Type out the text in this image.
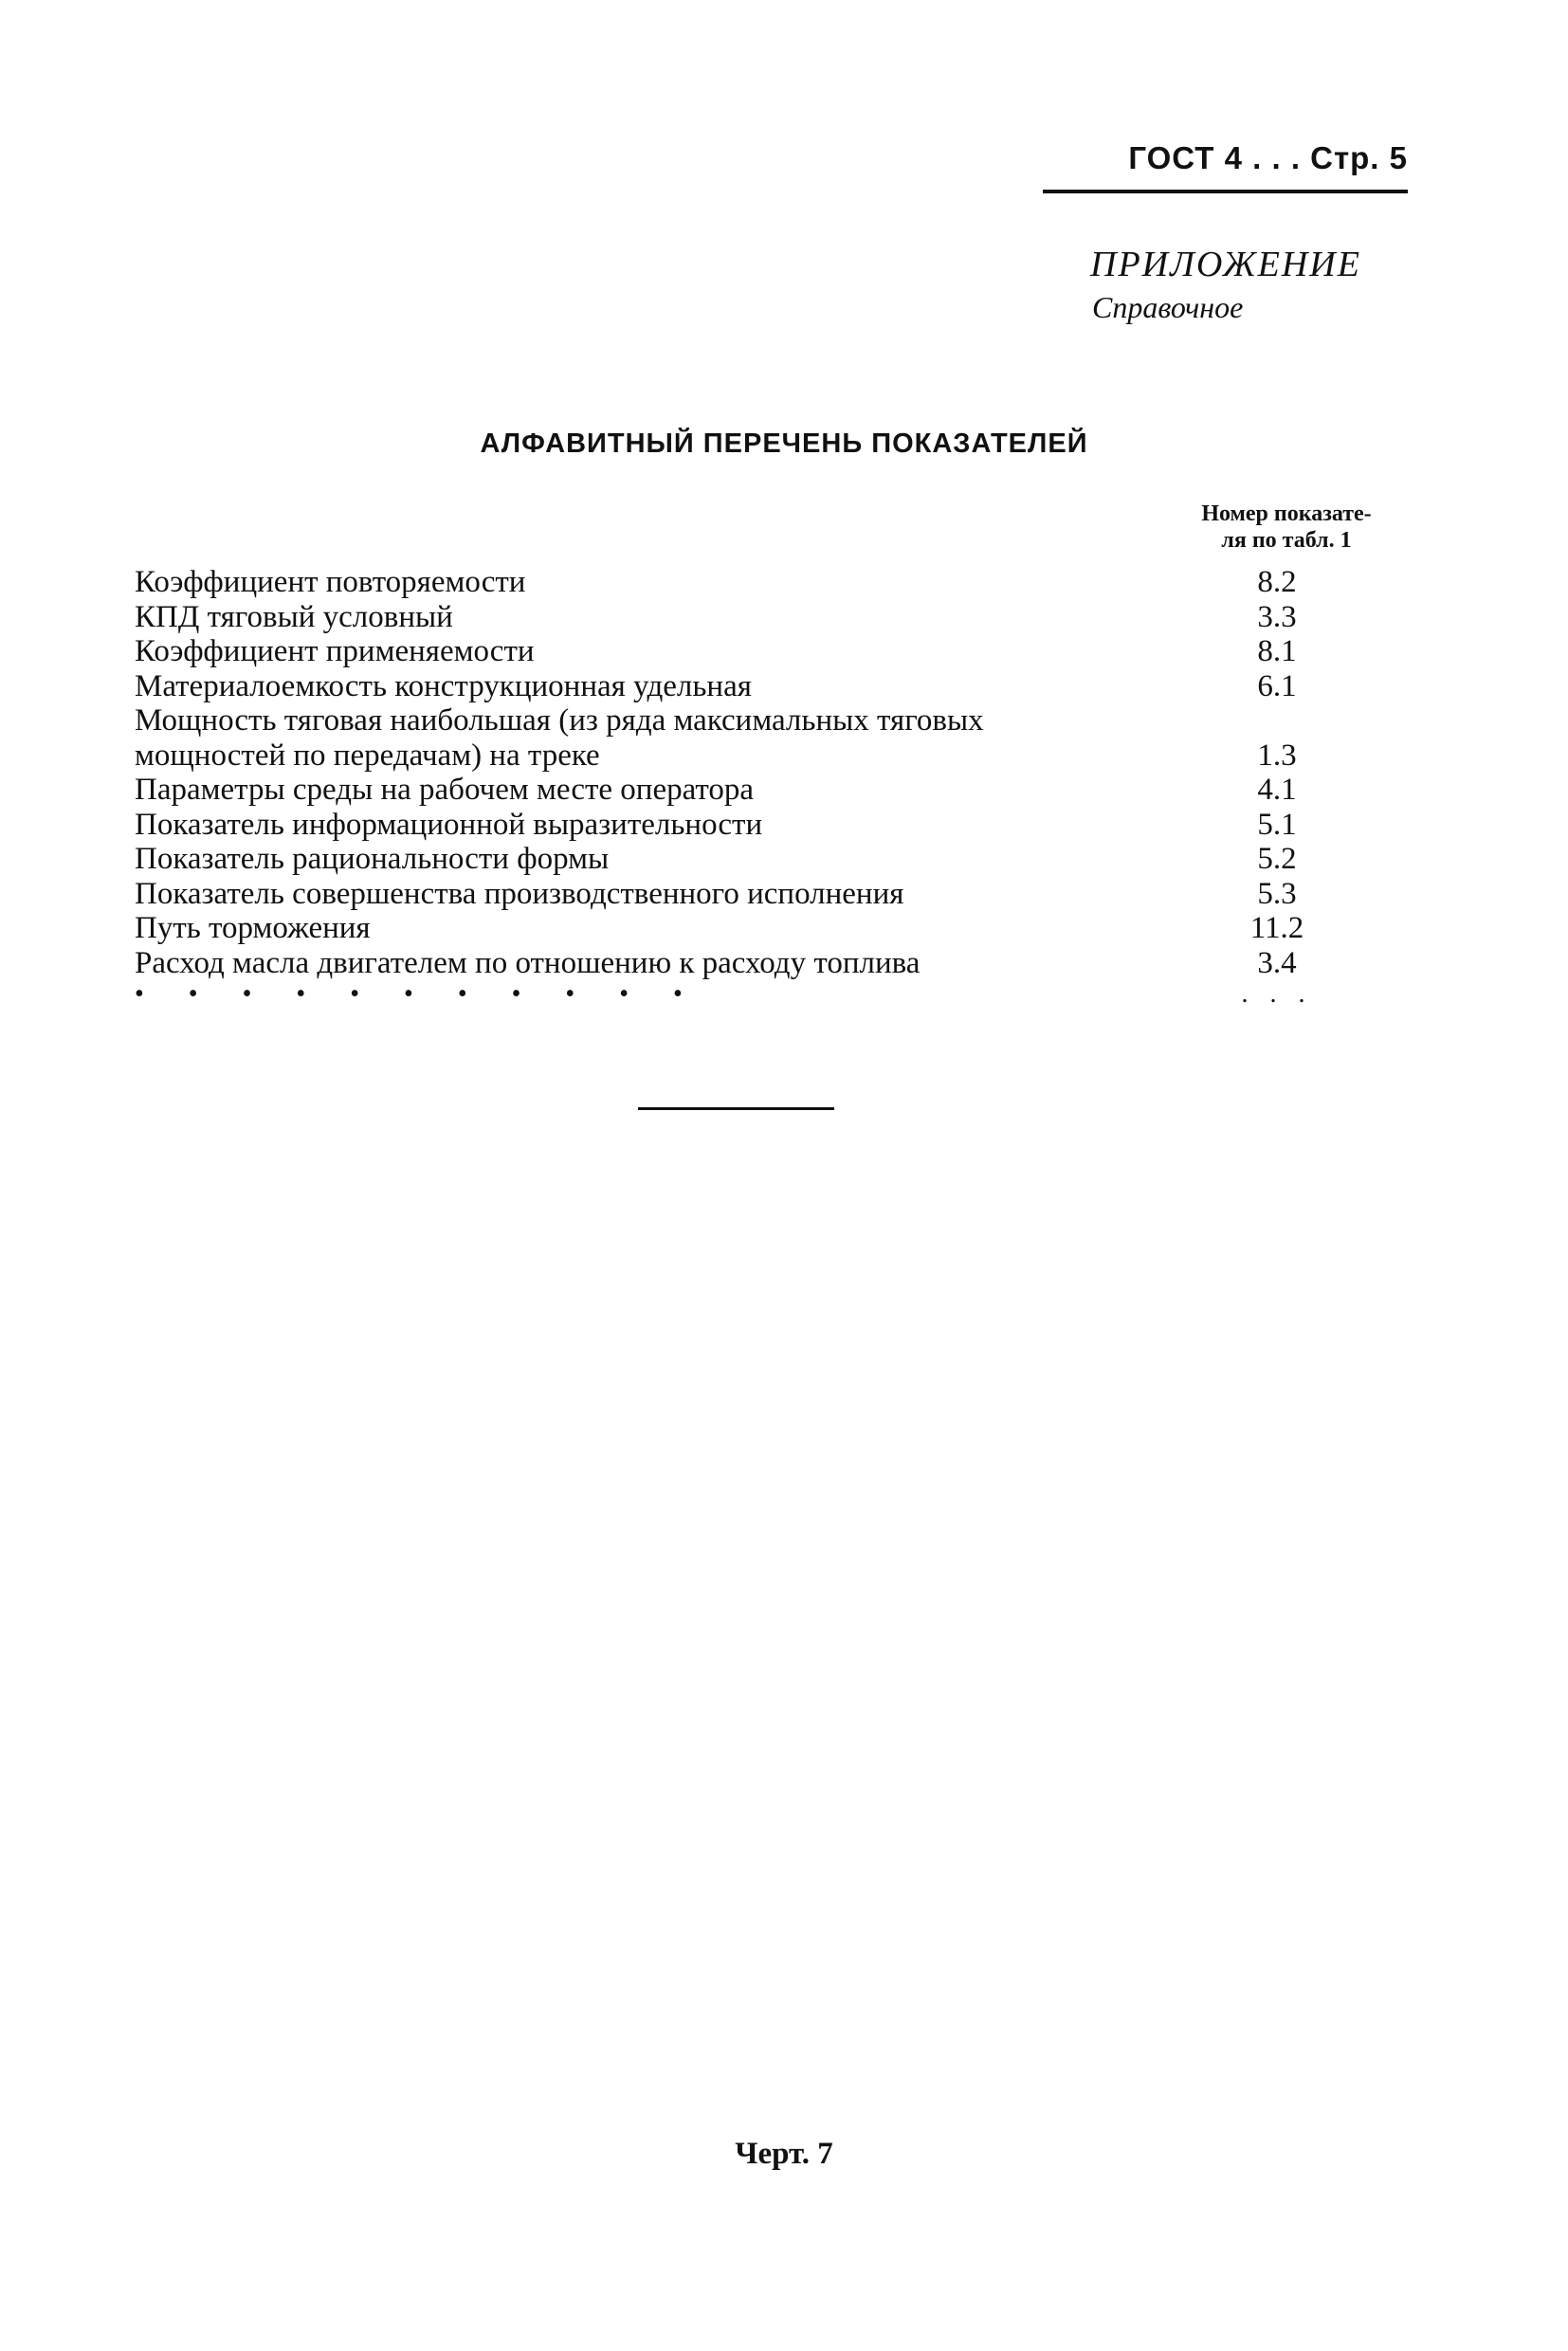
ГОСТ 4 . . . Стр. 5
ПРИЛОЖЕНИЕ
Справочное
АЛФАВИТНЫЙ ПЕРЕЧЕНЬ ПОКАЗАТЕЛЕЙ
Номер показате-
ля по табл. 1
Коэффициент повторяемости	8.2
КПД тяговый условный	3.3
Коэффициент применяемости	8.1
Материалоемкость конструкционная удельная	6.1
Мощность тяговая наибольшая (из ряда максимальных тяговых
мощностей по передачам) на треке	1.3
Параметры среды на рабочем месте оператора	4.1
Показатель информационной выразительности	5.1
Показатель рациональности формы	5.2
Показатель совершенства производственного исполнения	5.3
Путь торможения	11.2
Расход масла двигателем по отношению к расходу топлива	3.4
• • • • • • • • • • •	. . .
Черт. 7
